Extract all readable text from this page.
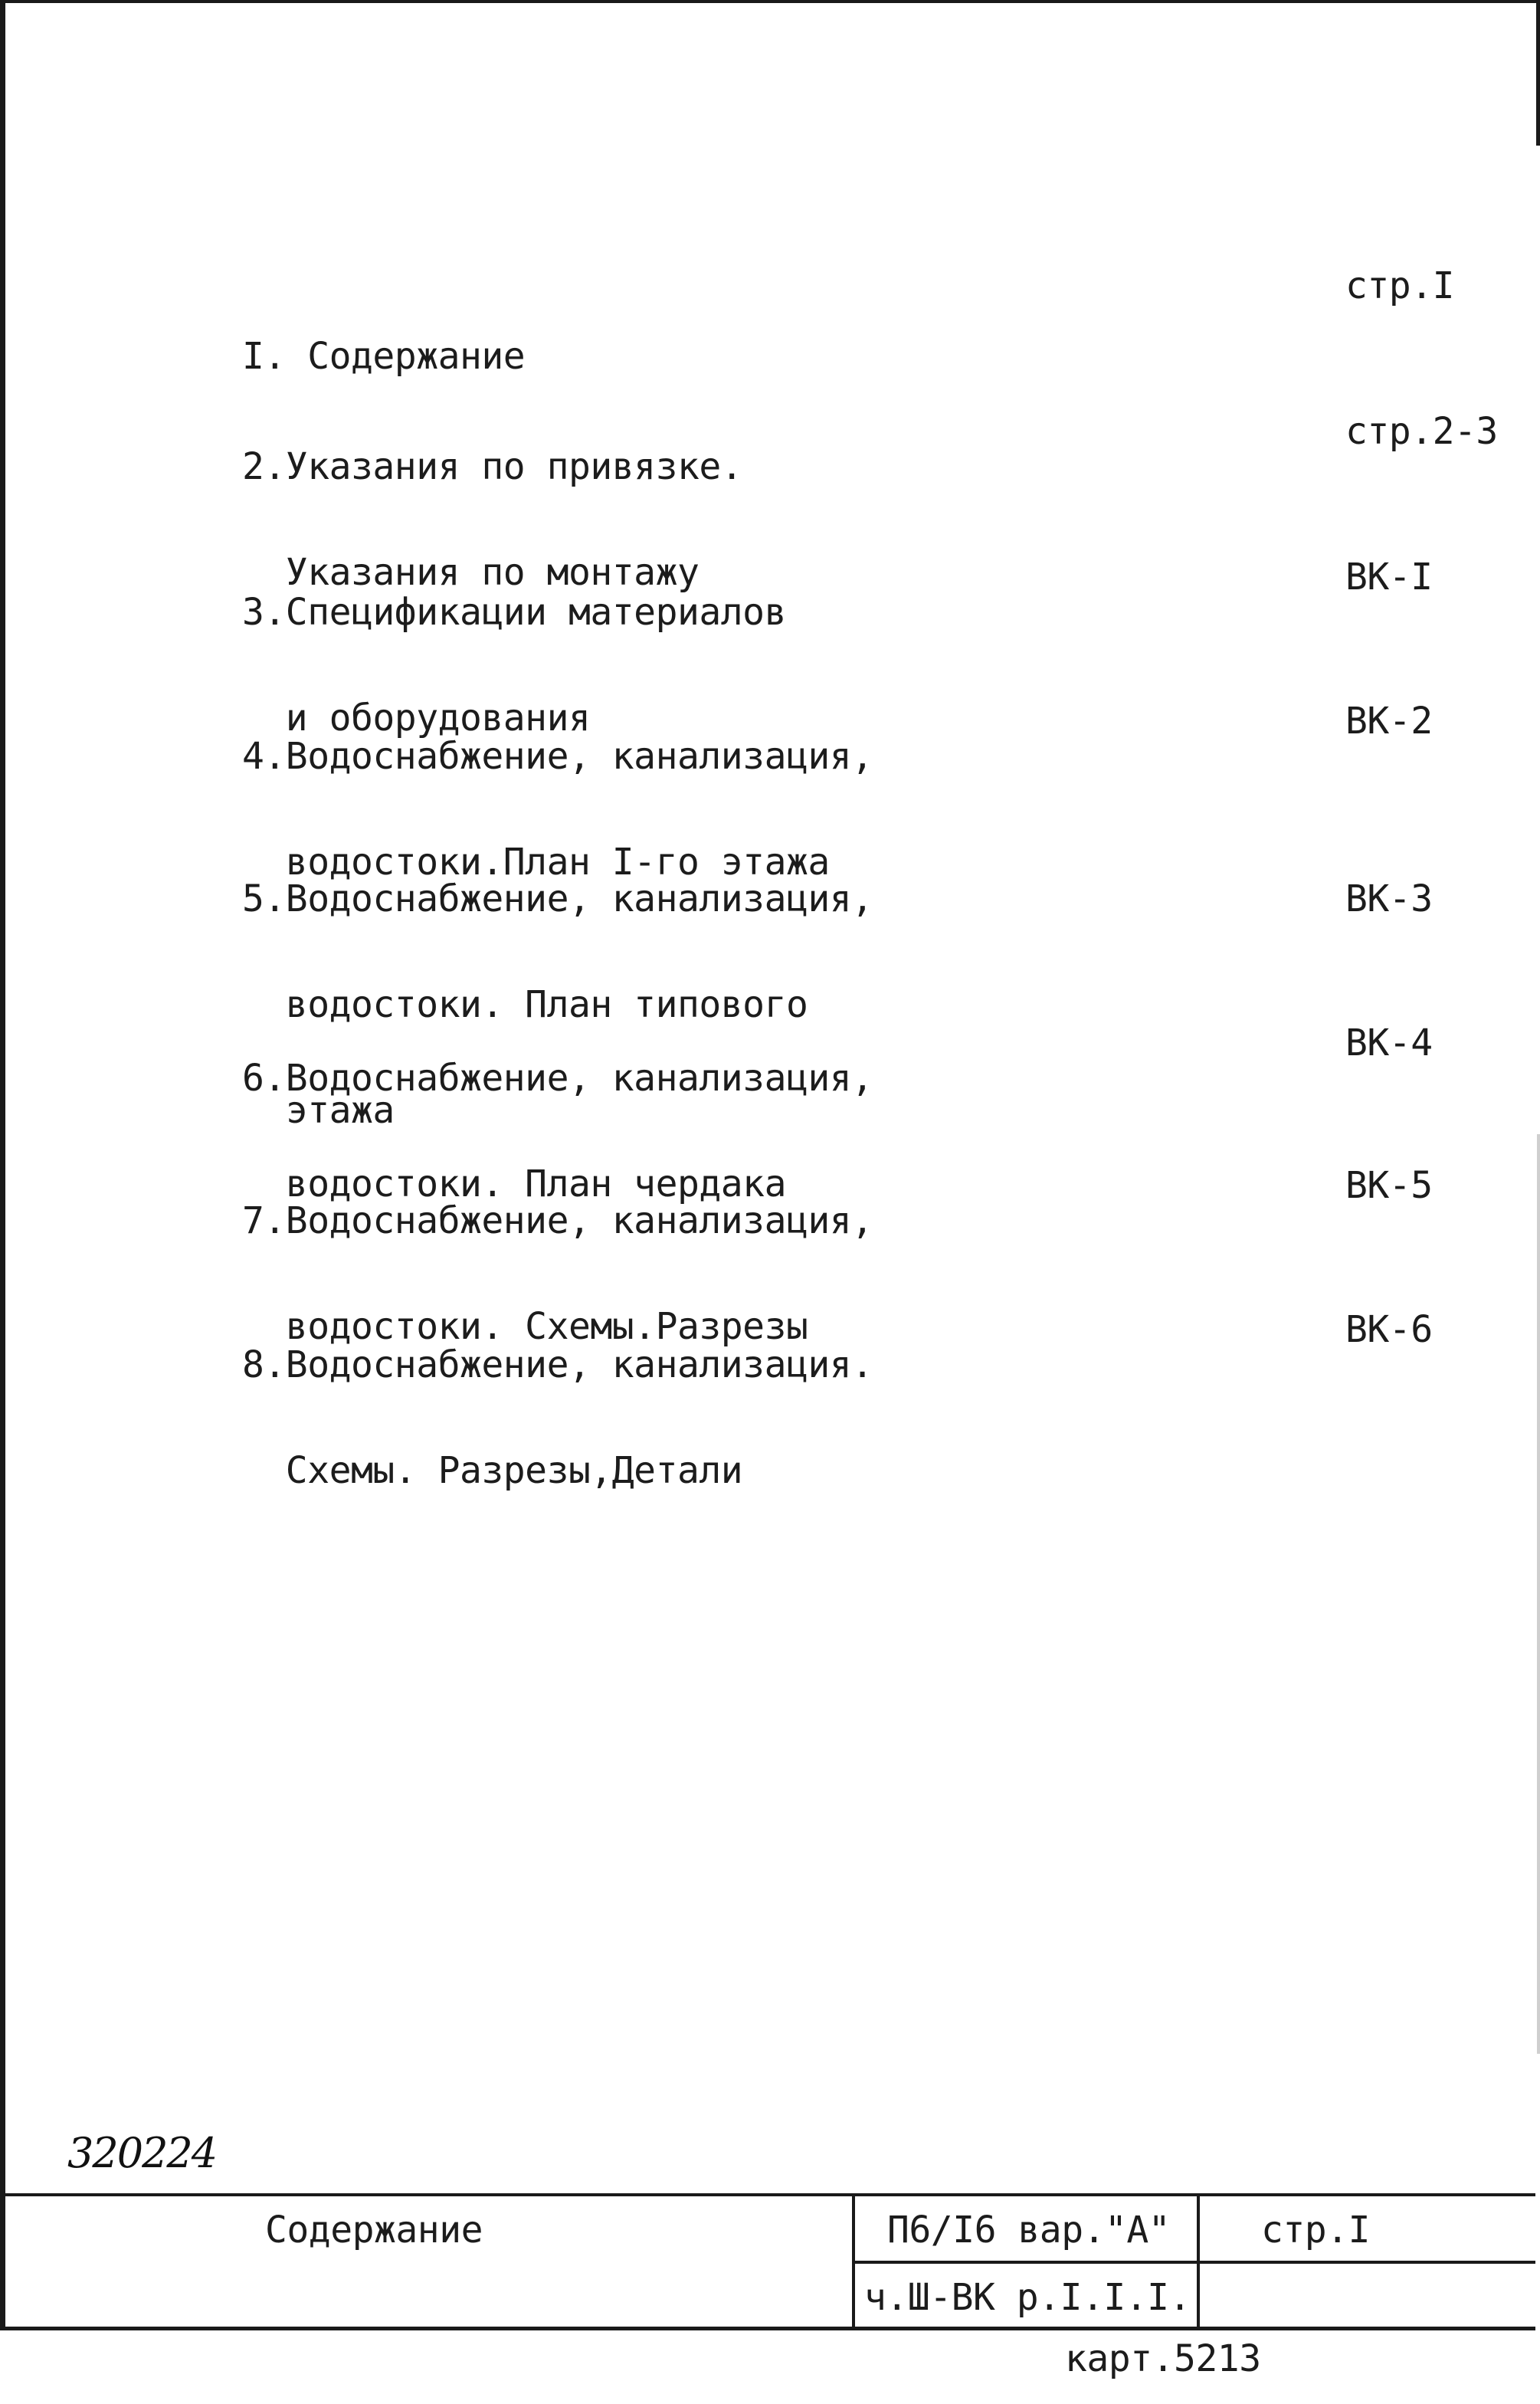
I. Содержание

стр.I

2.Указания по привязке.

Указания по монтажу

стр.2-3

3.Спецификации материалов

и оборудования

ВК-I

4.Водоснабжение, канализация,

водостоки.План I-го этажа

ВК-2

5.Водоснабжение, канализация,

водостоки. План типового

этажа

ВК-3

6.Водоснабжение, канализация,

водостоки. План чердака

ВК-4

7.Водоснабжение, канализация,

водостоки. Схемы.Разрезы

ВК-5

8.Водоснабжение, канализация.

Схемы. Разрезы,Детали

ВК-6
320224
Содержание	П6/I6 вар."А" стр.I
ч.Ш-ВК р.I.I.I.
карт.5213
